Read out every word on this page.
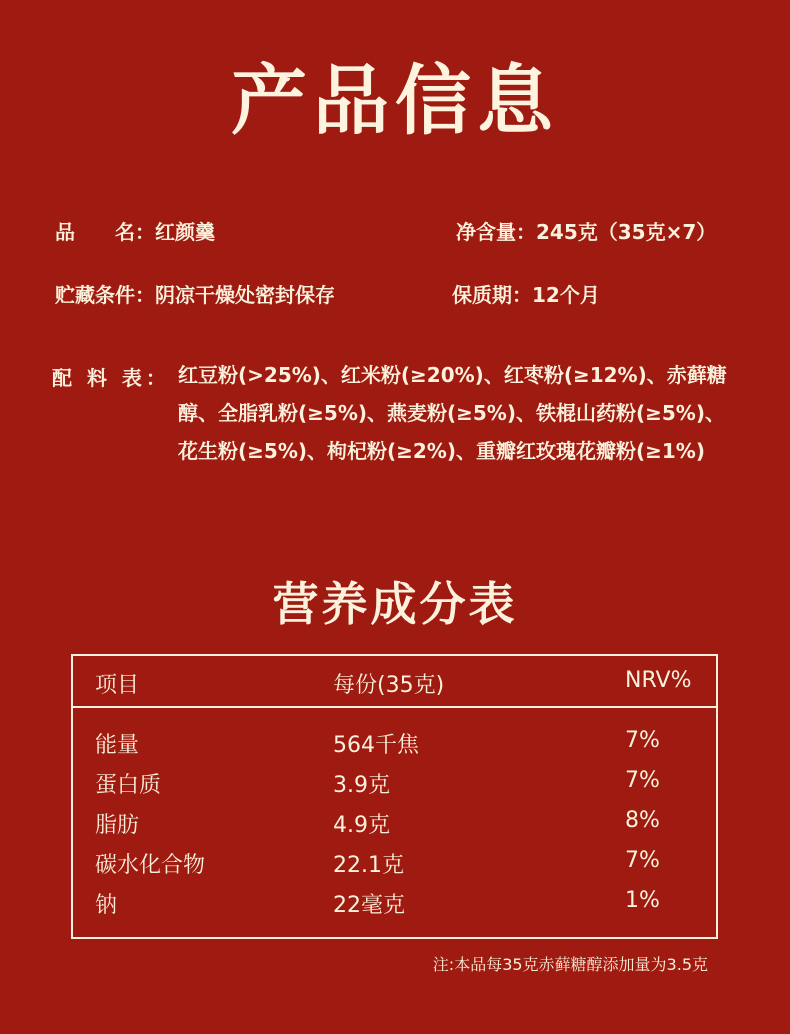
产品信息
品　　名：红颜羹	净含量：245克（35克×7）
贮藏条件：阴凉干燥处密封保存	保质期：12个月
配 料 表： 红豆粉(>25%)、红米粉(≥20%)、红枣粉(≥12%)、赤藓糖醇、全脂乳粉(≥5%)、燕麦粉(≥5%)、铁棍山药粉(≥5%)、花生粉(≥5%)、枸杞粉(≥2%)、重瓣红玫瑰花瓣粉(≥1%)
营养成分表
项目	每份(35克)	NRV%
能量	564千焦	7%
蛋白质	3.9克	7%
脂肪	4.9克	8%
碳水化合物	22.1克	7%
钠	22毫克	1%
注:本品每35克赤藓糖醇添加量为3.5克
